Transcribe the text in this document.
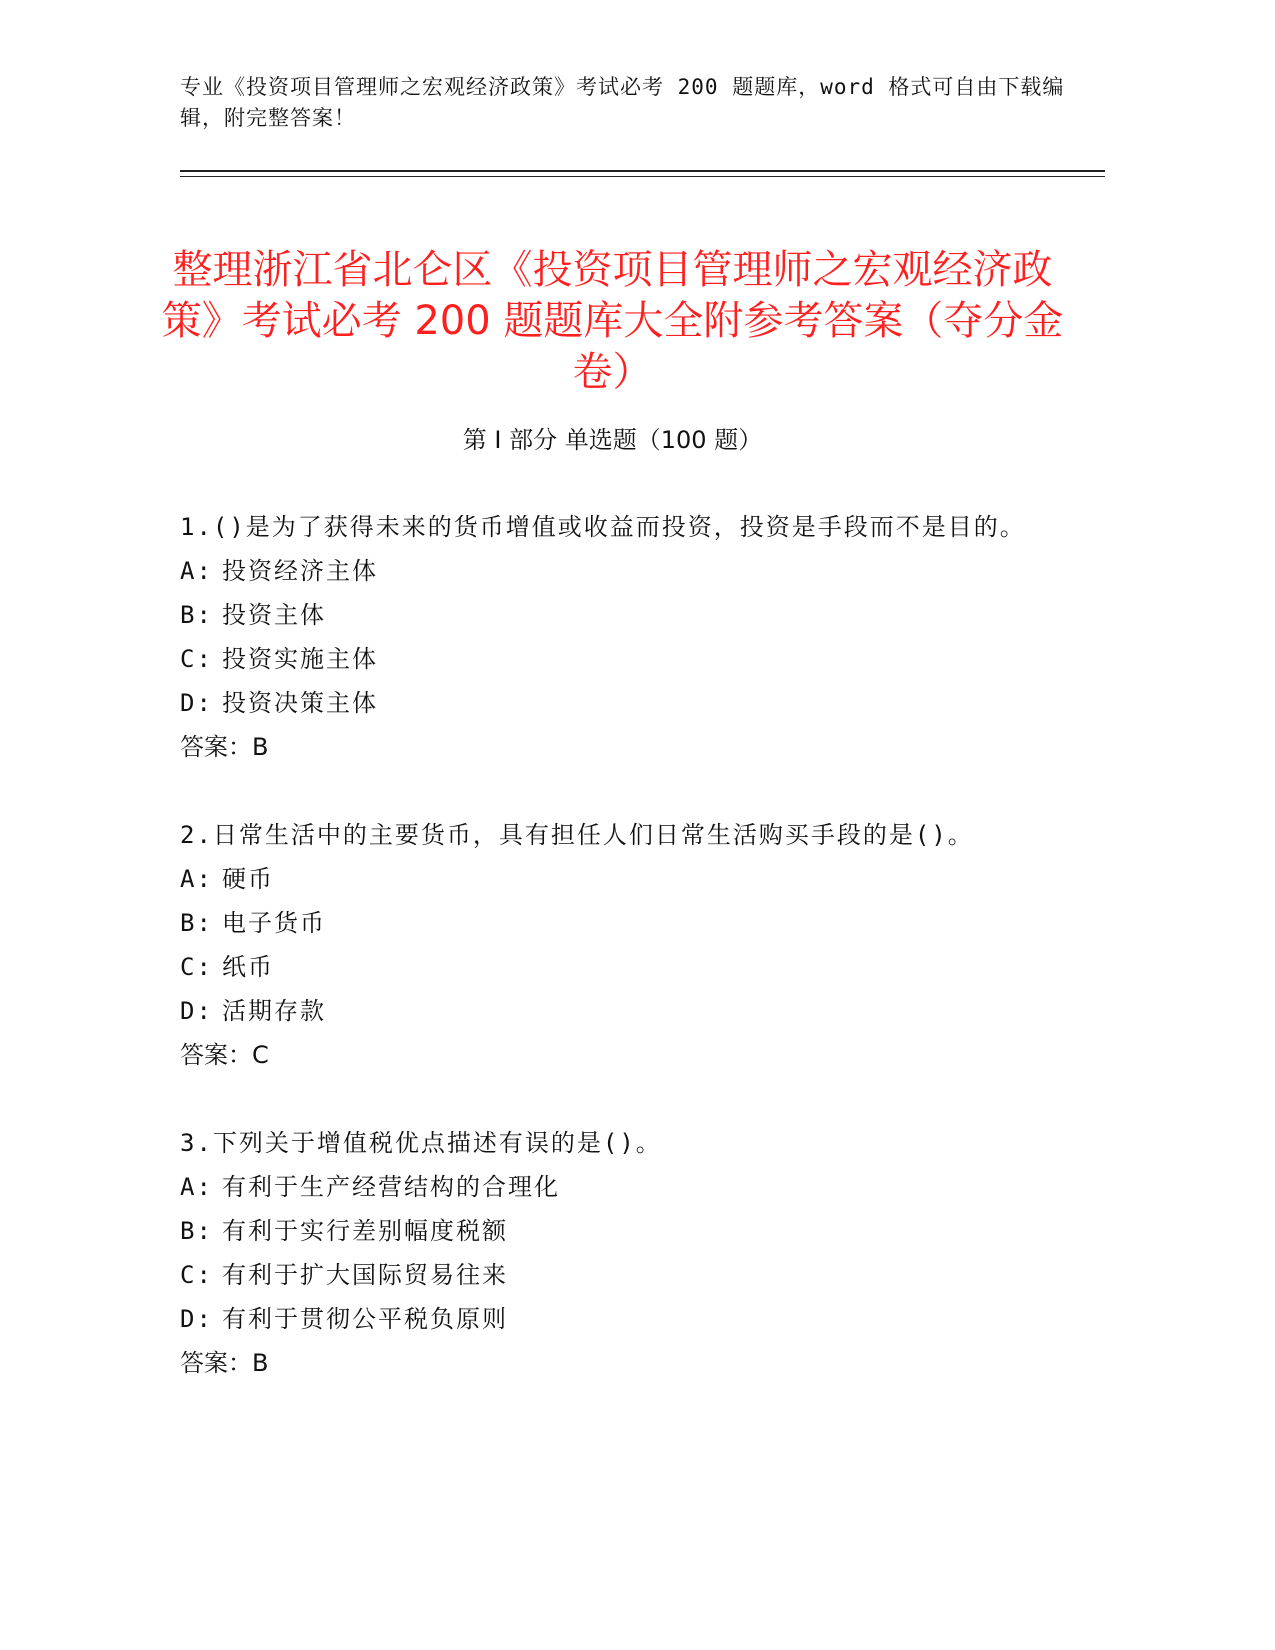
专业《投资项目管理师之宏观经济政策》考试必考 200 题题库，word 格式可自由下载编辑，附完整答案！
整理浙江省北仑区《投资项目管理师之宏观经济政策》考试必考 200 题题库大全附参考答案（夺分金卷）
第 I 部分 单选题（100 题）
1.()是为了获得未来的货币增值或收益而投资，投资是手段而不是目的。
A: 投资经济主体
B: 投资主体
C: 投资实施主体
D: 投资决策主体
答案：B
2.日常生活中的主要货币，具有担任人们日常生活购买手段的是()。
A: 硬币
B: 电子货币
C: 纸币
D: 活期存款
答案：C
3.下列关于增值税优点描述有误的是()。
A: 有利于生产经营结构的合理化
B: 有利于实行差别幅度税额
C: 有利于扩大国际贸易往来
D: 有利于贯彻公平税负原则
答案：B
